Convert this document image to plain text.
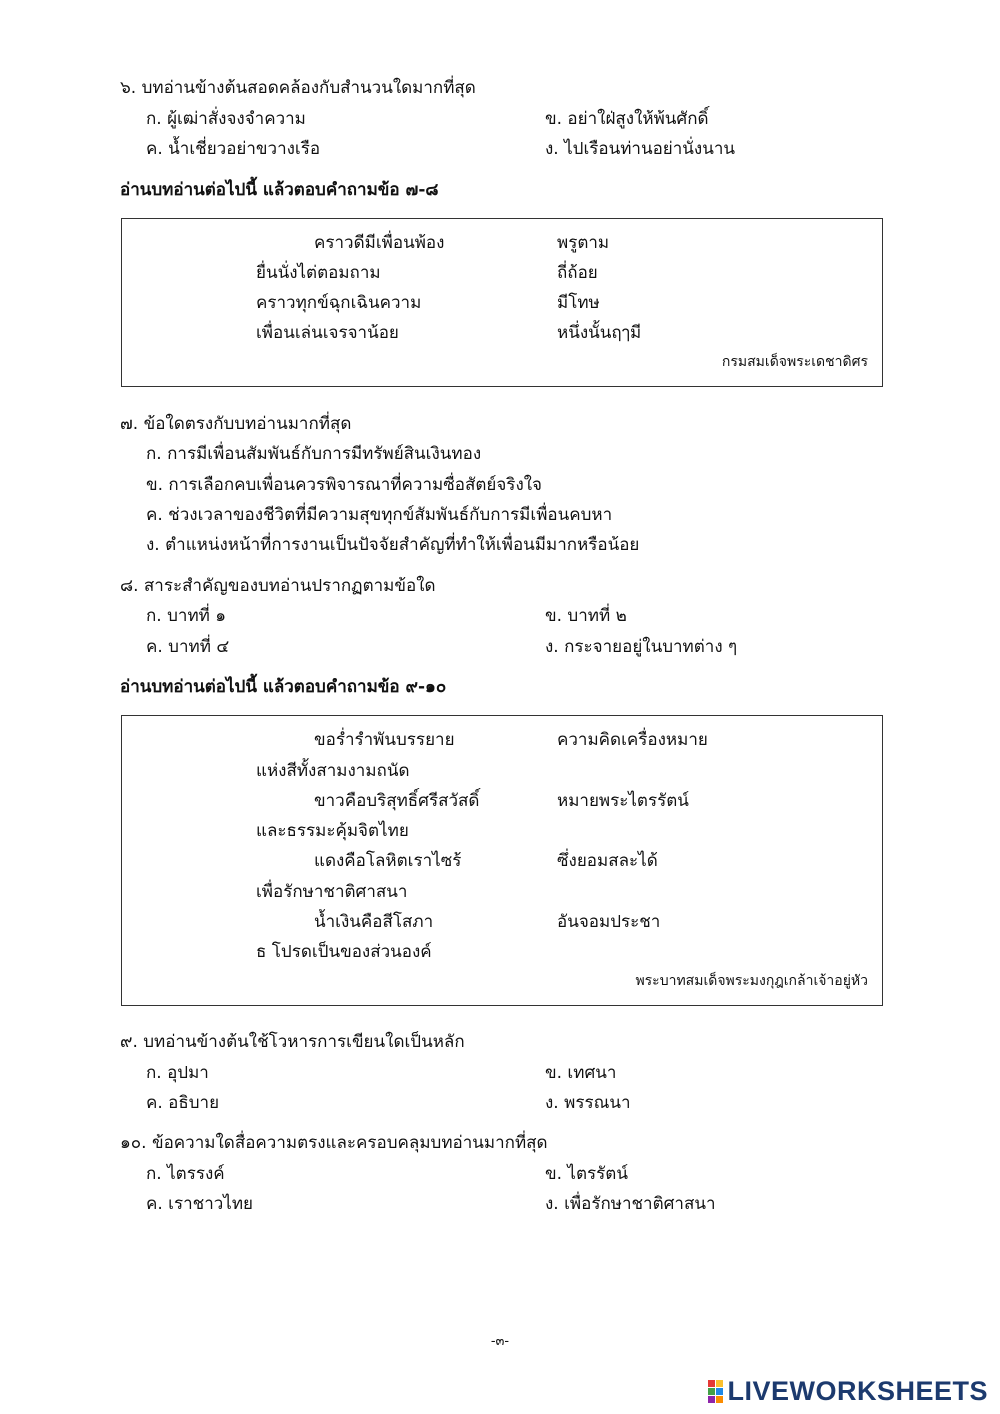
๖. บทอ่านข้างต้นสอดคล้องกับสำนวนใดมากที่สุด
ก. ผู้เฒ่าสั่งจงจำความ	ข. อย่าใฝ่สูงให้พ้นศักดิ์
ค. น้ำเชี่ยวอย่าขวางเรือ	ง. ไปเรือนท่านอย่านั่งนาน
อ่านบทอ่านต่อไปนี้ แล้วตอบคำถามข้อ ๗-๘
คราวดีมีเพื่อนพ้อง	พรูตาม
ยื่นนั่งไต่ตอมถาม	ถี่ถ้อย
คราวทุกข์ฉุกเฉินความ	มีโทษ
เพื่อนเล่นเจรจาน้อย	หนึ่งนั้นฤๅมี
กรมสมเด็จพระเดชาดิศร
๗. ข้อใดตรงกับบทอ่านมากที่สุด
ก. การมีเพื่อนสัมพันธ์กับการมีทรัพย์สินเงินทอง
ข. การเลือกคบเพื่อนควรพิจารณาที่ความซื่อสัตย์จริงใจ
ค. ช่วงเวลาของชีวิตที่มีความสุขทุกข์สัมพันธ์กับการมีเพื่อนคบหา
ง. ตำแหน่งหน้าที่การงานเป็นปัจจัยสำคัญที่ทำให้เพื่อนมีมากหรือน้อย
๘. สาระสำคัญของบทอ่านปรากฏตามข้อใด
ก. บาทที่ ๑	ข. บาทที่ ๒
ค. บาทที่ ๔	ง. กระจายอยู่ในบาทต่าง ๆ
อ่านบทอ่านต่อไปนี้ แล้วตอบคำถามข้อ ๙-๑๐
ขอร่ำรำพันบรรยาย	ความคิดเครื่องหมาย
แห่งสีทั้งสามงามถนัด
ขาวคือบริสุทธิ์ศรีสวัสดิ์	หมายพระไตรรัตน์
และธรรมะคุ้มจิตไทย
แดงคือโลหิตเราไซร้	ซึ่งยอมสละได้
เพื่อรักษาชาติศาสนา
น้ำเงินคือสีโสภา	อันจอมประชา
ธ โปรดเป็นของส่วนองค์
พระบาทสมเด็จพระมงกุฎเกล้าเจ้าอยู่หัว
๙. บทอ่านข้างต้นใช้โวหารการเขียนใดเป็นหลัก
ก. อุปมา	ข. เทศนา
ค. อธิบาย	ง. พรรณนา
๑๐. ข้อความใดสื่อความตรงและครอบคลุมบทอ่านมากที่สุด
ก. ไตรรงค์	ข. ไตรรัตน์
ค. เราชาวไทย	ง. เพื่อรักษาชาติศาสนา
-๓-
LIVEWORKSHEETS
